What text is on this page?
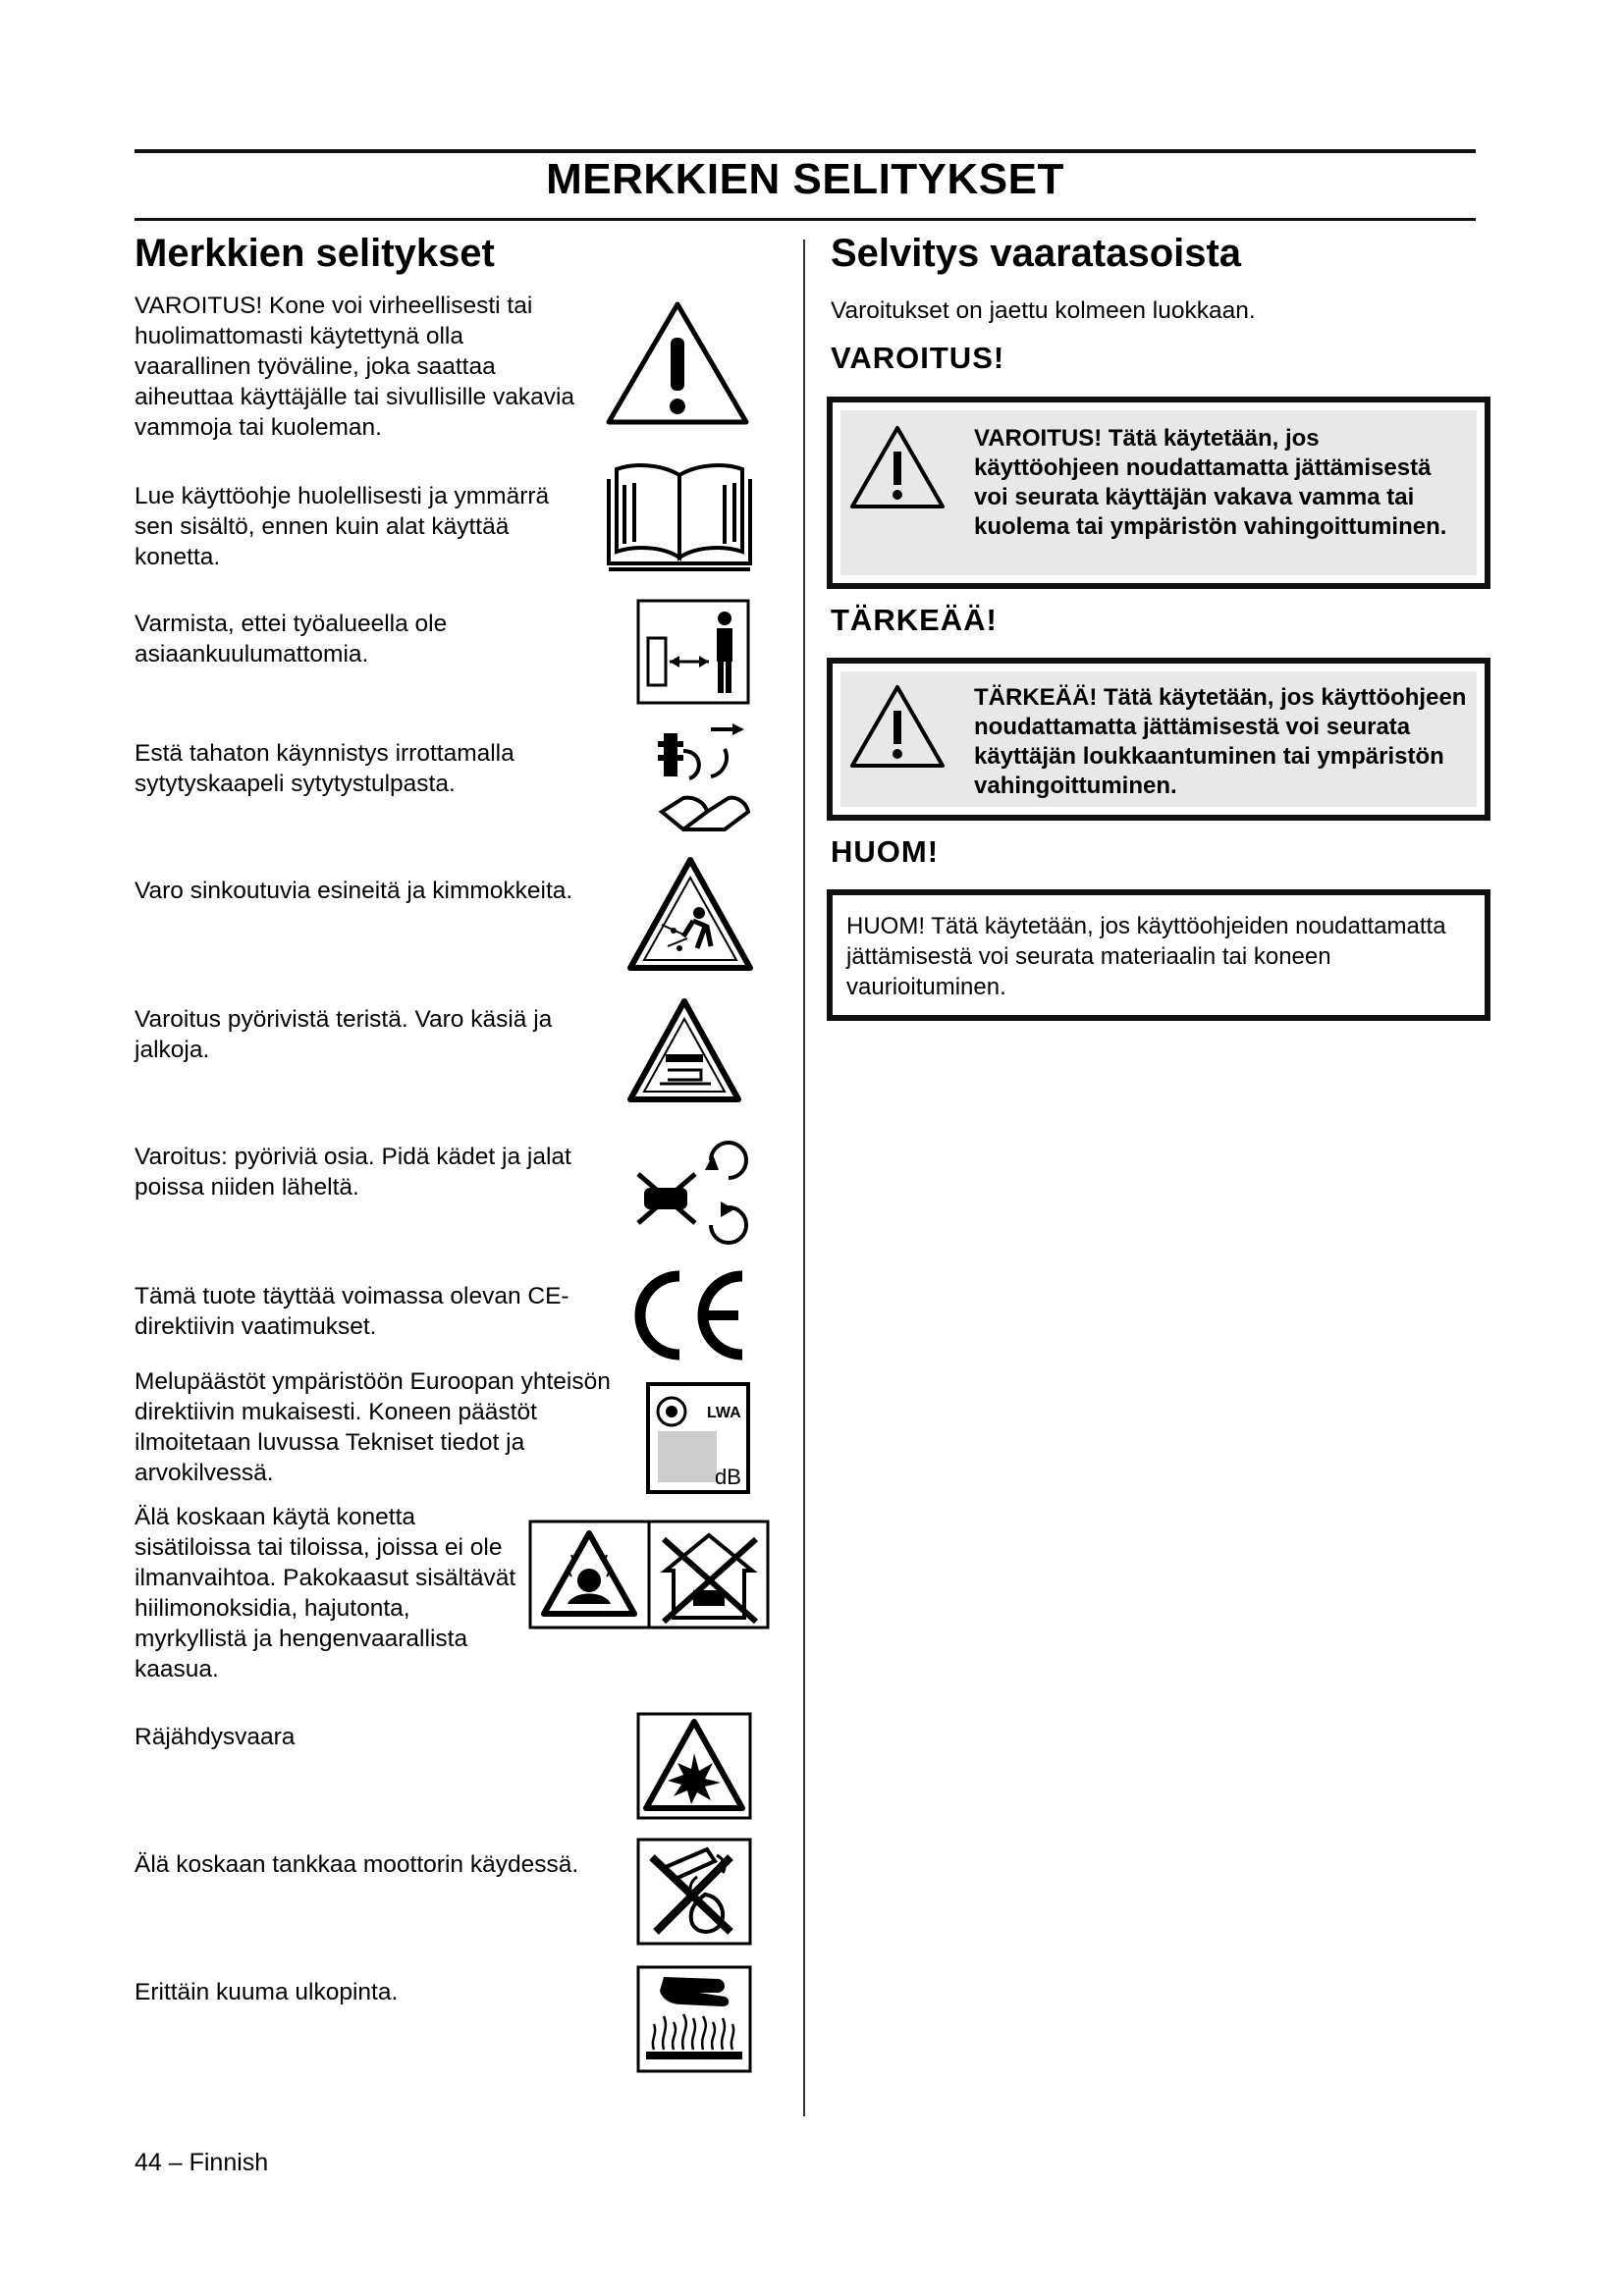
MERKKIEN SELITYKSET
Merkkien selitykset
VAROITUS! Kone voi virheellisesti tai huolimattomasti käytettynä olla vaarallinen työväline, joka saattaa aiheuttaa käyttäjälle tai sivullisille vakavia vammoja tai kuoleman.
Lue käyttöohje huolellisesti ja ymmärrä sen sisältö, ennen kuin alat käyttää konetta.
Varmista, ettei työalueella ole asiaankuulumattomia.
Estä tahaton käynnistys irrottamalla sytytyskaapeli sytytystulpasta.
Varo sinkoutuvia esineitä ja kimmokkeita.
Varoitus pyörivistä teristä. Varo käsiä ja jalkoja.
Varoitus: pyöriviä osia. Pidä kädet ja jalat poissa niiden läheltä.
Tämä tuote täyttää voimassa olevan CE-direktiivin vaatimukset.
Melupäästöt ympäristöön Euroopan yhteisön direktiivin mukaisesti. Koneen päästöt ilmoitetaan luvussa Tekniset tiedot ja arvokilvessä.
LWA
dB
Älä koskaan käytä konetta sisätiloissa tai tiloissa, joissa ei ole ilmanvaihtoa. Pakokaasut sisältävät hiilimonoksidia, hajutonta, myrkyllistä ja hengenvaarallista kaasua.
Räjähdysvaara
Älä koskaan tankkaa moottorin käydessä.
Erittäin kuuma ulkopinta.
Selvitys vaaratasoista
Varoitukset on jaettu kolmeen luokkaan.
VAROITUS!
VAROITUS! Tätä käytetään, jos käyttöohjeen noudattamatta jättämisestä voi seurata käyttäjän vakava vamma tai kuolema tai ympäristön vahingoittuminen.
TÄRKEÄÄ!
TÄRKEÄÄ! Tätä käytetään, jos käyttöohjeen noudattamatta jättämisestä voi seurata käyttäjän loukkaantuminen tai ympäristön vahingoittuminen.
HUOM!
HUOM! Tätä käytetään, jos käyttöohjeiden noudattamatta jättämisestä voi seurata materiaalin tai koneen vaurioituminen.
44 – Finnish
